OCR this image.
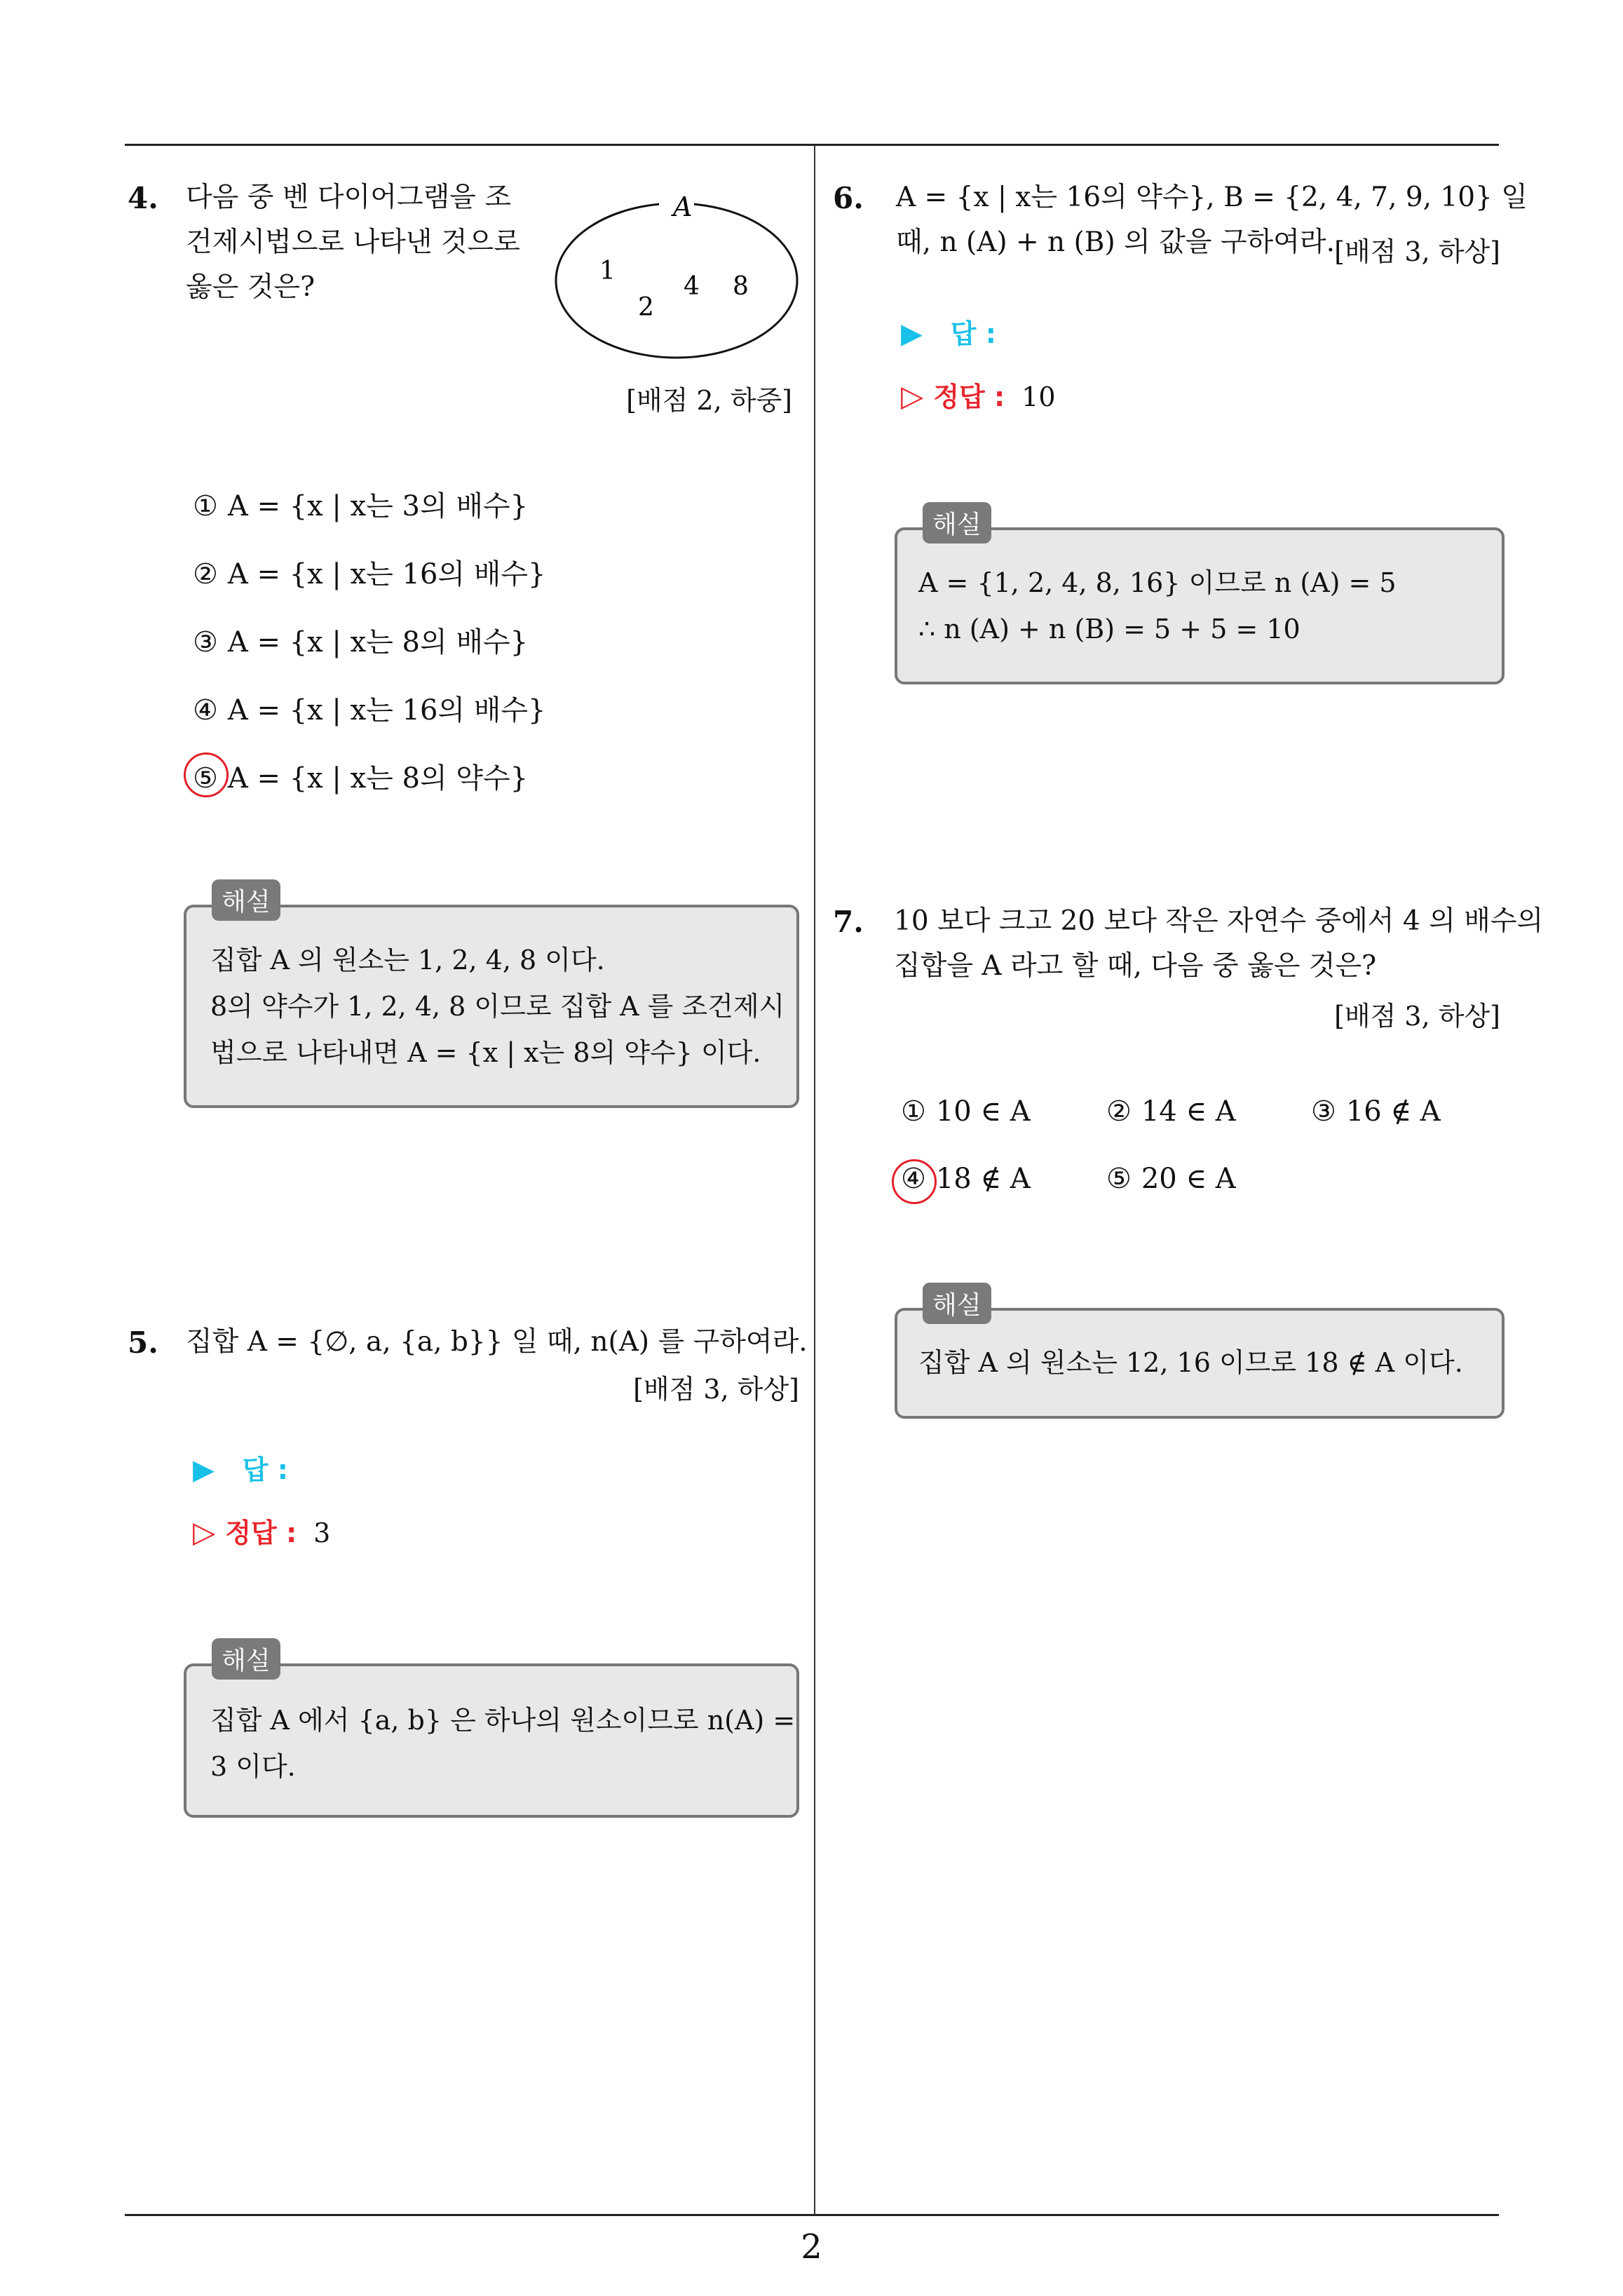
4. 다음 중 벤 다이어그램을 조
건제시법으로 나타낸 것으로
옳은 것은?
A
1
2
4 8
[배점 2, 하중]
① A = {x | x는 3의 배수}
② A = {x | x는 16의 배수}
③ A = {x | x는 8의 배수}
④ A = {x | x는 16의 배수}
⑤ A = {x | x는 8의 약수}
해설
집합 A 의 원소는 1, 2, 4, 8 이다.
8의 약수가 1, 2, 4, 8 이므로 집합 A 를 조건제시
법으로 나타내면 A = {x | x는 8의 약수} 이다.
5. 집합 A = {∅, a, {a, b}} 일 때, n(A) 를 구하여라.
[배점 3, 하상]
▶ 답 :
▷ 정답 : 3
해설
집합 A 에서 {a, b} 은 하나의 원소이므로 n(A) =
3 이다.
6. A = {x | x는 16의 약수}, B = {2, 4, 7, 9, 10} 일
때, n (A) + n (B) 의 값을 구하여라. [배점 3, 하상]
▶ 답 :
▷ 정답 : 10
해설
A = {1, 2, 4, 8, 16} 이므로 n (A) = 5
∴ n (A) + n (B) = 5 + 5 = 10
7. 10 보다 크고 20 보다 작은 자연수 중에서 4 의 배수의
집합을 A 라고 할 때, 다음 중 옳은 것은?
[배점 3, 하상]
① 10 ∈ A	② 14 ∈ A	③ 16 ∉ A
④ 18 ∉ A	⑤ 20 ∈ A
해설
집합 A 의 원소는 12, 16 이므로 18 ∉ A 이다.
2
